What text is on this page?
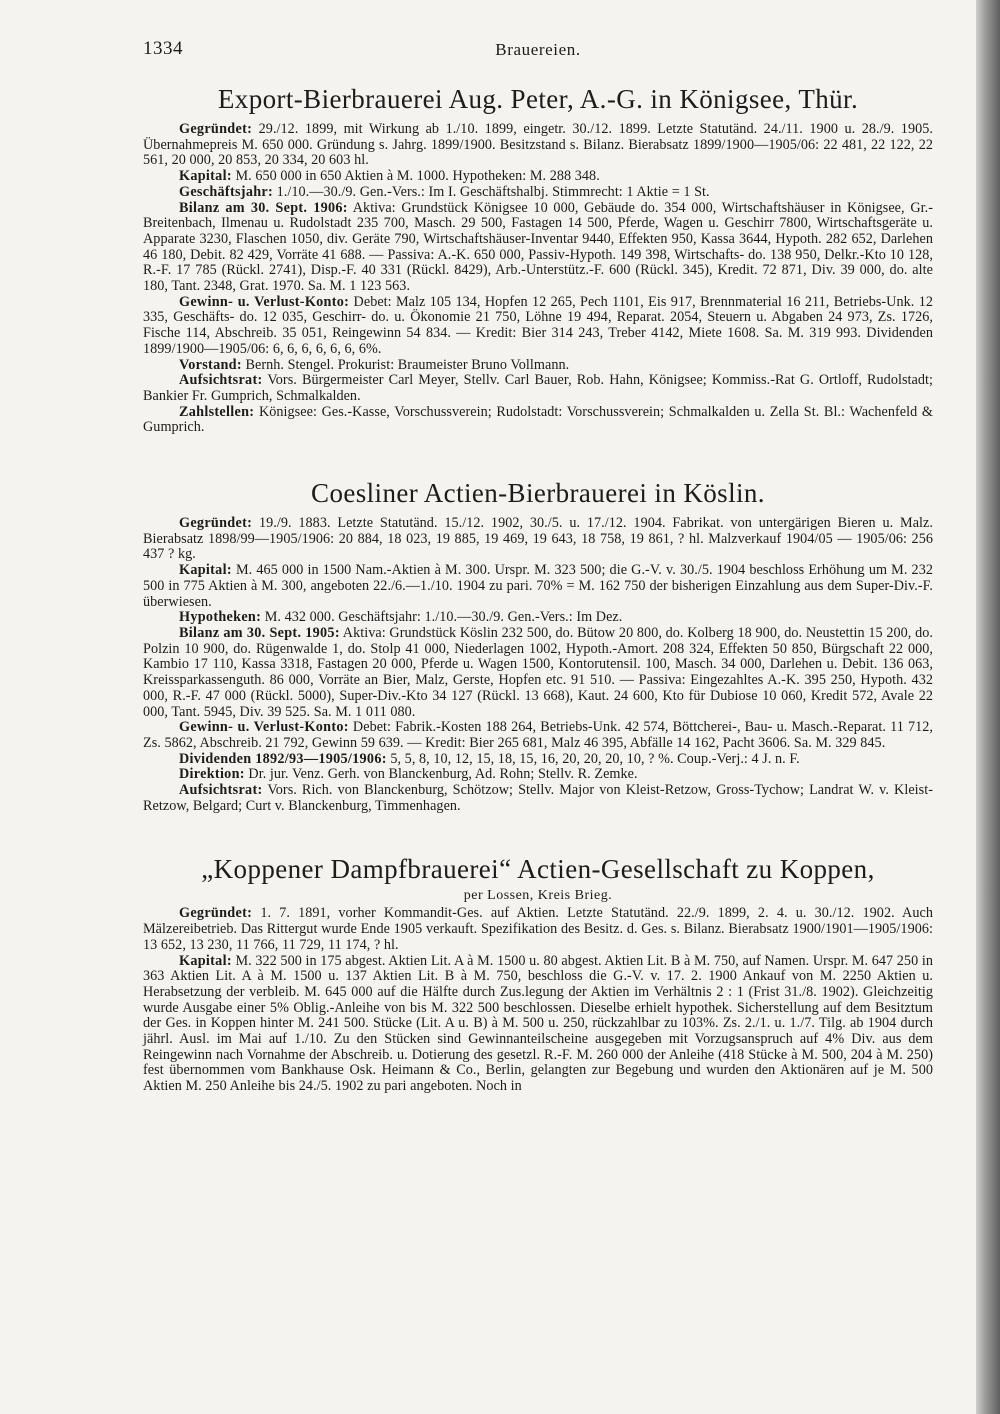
1334	Brauereien.
Export-Bierbrauerei Aug. Peter, A.-G. in Königsee, Thür.

Gegründet: 29./12. 1899, mit Wirkung ab 1./10. 1899, eingetr. 30./12. 1899. Letzte Statutänd. 24./11. 1900 u. 28./9. 1905. Übernahmepreis M. 650 000. Gründung s. Jahrg. 1899/1900. Besitzstand s. Bilanz. Bierabsatz 1899/1900—1905/06: 22 481, 22 122, 22 561, 20 000, 20 853, 20 334, 20 603 hl.

Kapital: M. 650 000 in 650 Aktien à M. 1000. Hypotheken: M. 288 348.

Geschäftsjahr: 1./10.—30./9. Gen.-Vers.: Im I. Geschäftshalbj. Stimmrecht: 1 Aktie = 1 St.

Bilanz am 30. Sept. 1906: Aktiva: Grundstück Königsee 10 000, Gebäude do. 354 000, Wirtschaftshäuser in Königsee, Gr.-Breitenbach, Ilmenau u. Rudolstadt 235 700, Masch. 29 500, Fastagen 14 500, Pferde, Wagen u. Geschirr 7800, Wirtschaftsgeräte u. Apparate 3230, Flaschen 1050, div. Geräte 790, Wirtschaftshäuser-Inventar 9440, Effekten 950, Kassa 3644, Hypoth. 282 652, Darlehen 46 180, Debit. 82 429, Vorräte 41 688. — Passiva: A.-K. 650 000, Passiv-Hypoth. 149 398, Wirtschafts- do. 138 950, Delkr.-Kto 10 128, R.-F. 17 785 (Rückl. 2741), Disp.-F. 40 331 (Rückl. 8429), Arb.-Unterstütz.-F. 600 (Rückl. 345), Kredit. 72 871, Div. 39 000, do. alte 180, Tant. 2348, Grat. 1970. Sa. M. 1 123 563.

Gewinn- u. Verlust-Konto: Debet: Malz 105 134, Hopfen 12 265, Pech 1101, Eis 917, Brennmaterial 16 211, Betriebs-Unk. 12 335, Geschäfts- do. 12 035, Geschirr- do. u. Ökonomie 21 750, Löhne 19 494, Reparat. 2054, Steuern u. Abgaben 24 973, Zs. 1726, Fische 114, Abschreib. 35 051, Reingewinn 54 834. — Kredit: Bier 314 243, Treber 4142, Miete 1608. Sa. M. 319 993. Dividenden 1899/1900—1905/06: 6, 6, 6, 6, 6, 6, 6%.

Vorstand: Bernh. Stengel. Prokurist: Braumeister Bruno Vollmann.

Aufsichtsrat: Vors. Bürgermeister Carl Meyer, Stellv. Carl Bauer, Rob. Hahn, Königsee; Kommiss.-Rat G. Ortloff, Rudolstadt; Bankier Fr. Gumprich, Schmalkalden.

Zahlstellen: Königsee: Ges.-Kasse, Vorschussverein; Rudolstadt: Vorschussverein; Schmalkalden u. Zella St. Bl.: Wachenfeld & Gumprich.

Coesliner Actien-Bierbrauerei in Köslin.

Gegründet: 19./9. 1883. Letzte Statutänd. 15./12. 1902, 30./5. u. 17./12. 1904. Fabrikat. von untergärigen Bieren u. Malz. Bierabsatz 1898/99—1905/1906: 20 884, 18 023, 19 885, 19 469, 19 643, 18 758, 19 861, ? hl. Malzverkauf 1904/05 — 1905/06: 256 437 ? kg.

Kapital: M. 465 000 in 1500 Nam.-Aktien à M. 300. Urspr. M. 323 500; die G.-V. v. 30./5. 1904 beschloss Erhöhung um M. 232 500 in 775 Aktien à M. 300, angeboten 22./6.—1./10. 1904 zu pari. 70% = M. 162 750 der bisherigen Einzahlung aus dem Super-Div.-F. überwiesen.

Hypotheken: M. 432 000. Geschäftsjahr: 1./10.—30./9. Gen.-Vers.: Im Dez.

Bilanz am 30. Sept. 1905: Aktiva: Grundstück Köslin 232 500, do. Bütow 20 800, do. Kolberg 18 900, do. Neustettin 15 200, do. Polzin 10 900, do. Rügenwalde 1, do. Stolp 41 000, Niederlagen 1002, Hypoth.-Amort. 208 324, Effekten 50 850, Bürgschaft 22 000, Kambio 17 110, Kassa 3318, Fastagen 20 000, Pferde u. Wagen 1500, Kontorutensil. 100, Masch. 34 000, Darlehen u. Debit. 136 063, Kreissparkassenguth. 86 000, Vorräte an Bier, Malz, Gerste, Hopfen etc. 91 510. — Passiva: Eingezahltes A.-K. 395 250, Hypoth. 432 000, R.-F. 47 000 (Rückl. 5000), Super-Div.-Kto 34 127 (Rückl. 13 668), Kaut. 24 600, Kto für Dubiose 10 060, Kredit 572, Avale 22 000, Tant. 5945, Div. 39 525. Sa. M. 1 011 080.

Gewinn- u. Verlust-Konto: Debet: Fabrik.-Kosten 188 264, Betriebs-Unk. 42 574, Böttcherei-, Bau- u. Masch.-Reparat. 11 712, Zs. 5862, Abschreib. 21 792, Gewinn 59 639. — Kredit: Bier 265 681, Malz 46 395, Abfälle 14 162, Pacht 3606. Sa. M. 329 845.

Dividenden 1892/93—1905/1906: 5, 5, 8, 10, 12, 15, 18, 15, 16, 20, 20, 20, 10, ? %. Coup.-Verj.: 4 J. n. F.

Direktion: Dr. jur. Venz. Gerh. von Blanckenburg, Ad. Rohn; Stellv. R. Zemke.

Aufsichtsrat: Vors. Rich. von Blanckenburg, Schötzow; Stellv. Major von Kleist-Retzow, Gross-Tychow; Landrat W. v. Kleist-Retzow, Belgard; Curt v. Blanckenburg, Timmenhagen.

„Koppener Dampfbrauerei“ Actien-Gesellschaft zu Koppen,
per Lossen, Kreis Brieg.

Gegründet: 1. 7. 1891, vorher Kommandit-Ges. auf Aktien. Letzte Statutänd. 22./9. 1899, 2. 4. u. 30./12. 1902. Auch Mälzereibetrieb. Das Rittergut wurde Ende 1905 verkauft. Spezifikation des Besitz. d. Ges. s. Bilanz. Bierabsatz 1900/1901—1905/1906: 13 652, 13 230, 11 766, 11 729, 11 174, ? hl.

Kapital: M. 322 500 in 175 abgest. Aktien Lit. A à M. 1500 u. 80 abgest. Aktien Lit. B à M. 750, auf Namen. Urspr. M. 647 250 in 363 Aktien Lit. A à M. 1500 u. 137 Aktien Lit. B à M. 750, beschloss die G.-V. v. 17. 2. 1900 Ankauf von M. 2250 Aktien u. Herabsetzung der verbleib. M. 645 000 auf die Hälfte durch Zus.legung der Aktien im Verhältnis 2 : 1 (Frist 31./8. 1902). Gleichzeitig wurde Ausgabe einer 5% Oblig.-Anleihe von bis M. 322 500 beschlossen. Dieselbe erhielt hypothek. Sicherstellung auf dem Besitztum der Ges. in Koppen hinter M. 241 500. Stücke (Lit. A u. B) à M. 500 u. 250, rückzahlbar zu 103%. Zs. 2./1. u. 1./7. Tilg. ab 1904 durch jährl. Ausl. im Mai auf 1./10. Zu den Stücken sind Gewinnanteilscheine ausgegeben mit Vorzugsanspruch auf 4% Div. aus dem Reingewinn nach Vornahme der Abschreib. u. Dotierung des gesetzl. R.-F. M. 260 000 der Anleihe (418 Stücke à M. 500, 204 à M. 250) fest übernommen vom Bankhause Osk. Heimann & Co., Berlin, gelangten zur Begebung und wurden den Aktionären auf je M. 500 Aktien M. 250 Anleihe bis 24./5. 1902 zu pari angeboten. Noch in
